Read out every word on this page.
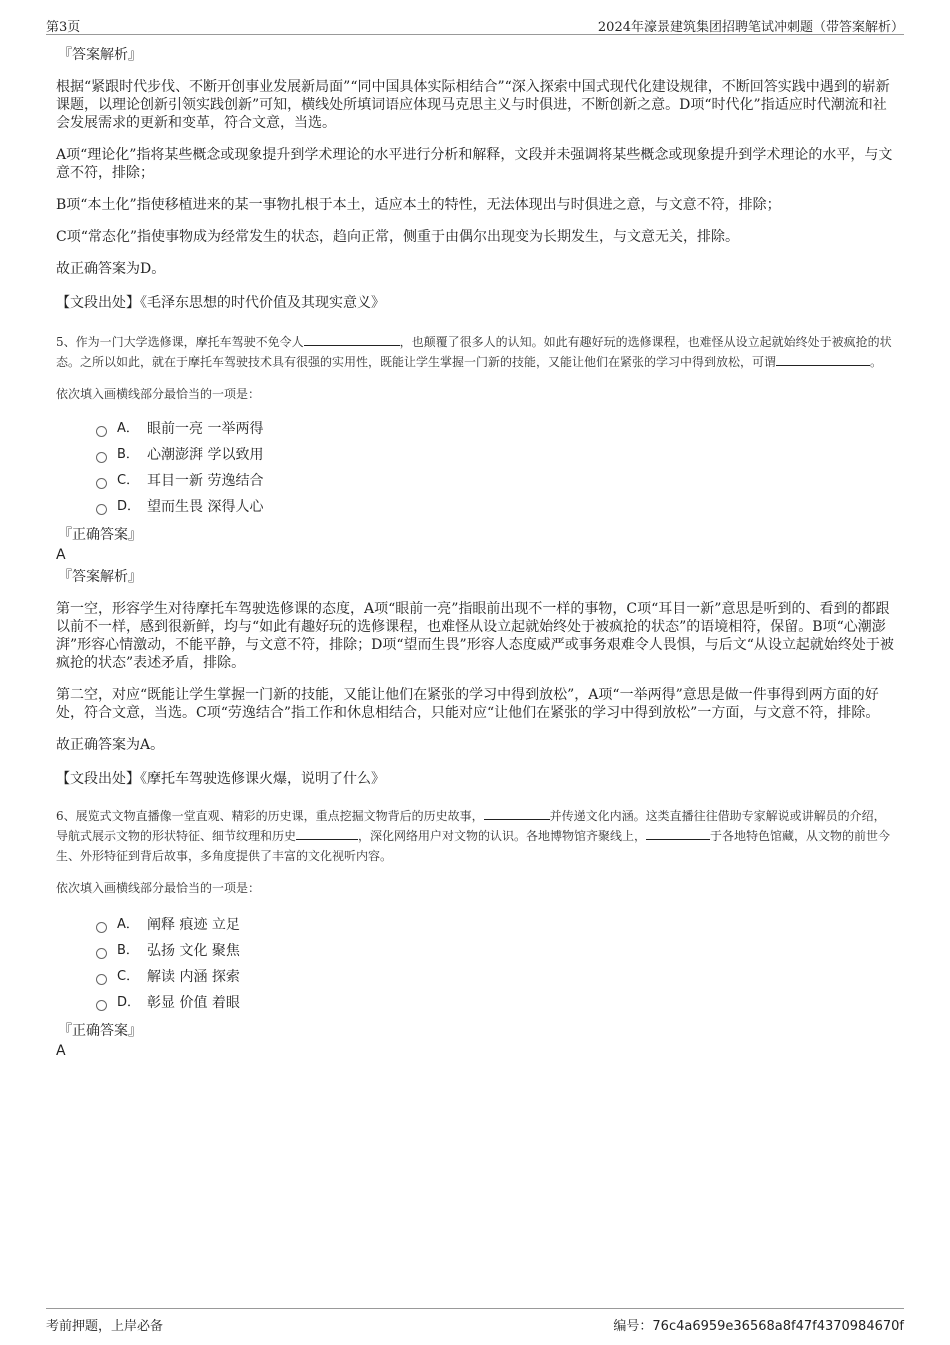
第3页	2024年濠景建筑集团招聘笔试冲刺题（带答案解析）

『答案解析』

根据“紧跟时代步伐、不断开创事业发展新局面”“同中国具体实际相结合”“深入探索中国式现代化建设规律，不断回答实践中遇到的崭新课题，以理论创新引领实践创新”可知，横线处所填词语应体现马克思主义与时俱进，不断创新之意。D项“时代化”指适应时代潮流和社会发展需求的更新和变革，符合文意，当选。

A项“理论化”指将某些概念或现象提升到学术理论的水平进行分析和解释，文段并未强调将某些概念或现象提升到学术理论的水平，与文意不符，排除；

B项“本土化”指使移植进来的某一事物扎根于本土，适应本土的特性，无法体现出与时俱进之意，与文意不符，排除；

C项“常态化”指使事物成为经常发生的状态，趋向正常，侧重于由偶尔出现变为长期发生，与文意无关，排除。

故正确答案为D。

【文段出处】《毛泽东思想的时代价值及其现实意义》

5、作为一门大学选修课，摩托车驾驶不免令人	，也颠覆了很多人的认知。如此有趣好玩的选修课程，也难怪从设立起就始终处于被疯抢的状态。之所以如此，就在于摩托车驾驶技术具有很强的实用性，既能让学生掌握一门新的技能，又能让他们在紧张的学习中得到放松，可谓	。

依次填入画横线部分最恰当的一项是：

A． 眼前一亮 一举两得
B． 心潮澎湃 学以致用
C． 耳目一新 劳逸结合
D． 望而生畏 深得人心

『正确答案』

A

『答案解析』

第一空，形容学生对待摩托车驾驶选修课的态度，A项“眼前一亮”指眼前出现不一样的事物，C项“耳目一新”意思是听到的、看到的都跟以前不一样，感到很新鲜，均与“如此有趣好玩的选修课程，也难怪从设立起就始终处于被疯抢的状态”的语境相符，保留。B项“心潮澎湃”形容心情激动，不能平静，与文意不符，排除；D项“望而生畏”形容人态度威严或事务艰难令人畏惧，与后文“从设立起就始终处于被疯抢的状态”表述矛盾，排除。

第二空，对应“既能让学生掌握一门新的技能，又能让他们在紧张的学习中得到放松”，A项“一举两得”意思是做一件事得到两方面的好处，符合文意，当选。C项“劳逸结合”指工作和休息相结合，只能对应“让他们在紧张的学习中得到放松”一方面，与文意不符，排除。

故正确答案为A。

【文段出处】《摩托车驾驶选修课火爆，说明了什么》

6、展览式文物直播像一堂直观、精彩的历史课，重点挖掘文物背后的历史故事，	并传递文化内涵。这类直播往往借助专家解说或讲解员的介绍，导航式展示文物的形状特征、细节纹理和历史	，深化网络用户对文物的认识。各地博物馆齐聚线上，	于各地特色馆藏，从文物的前世今生、外形特征到背后故事，多角度提供了丰富的文化视听内容。

依次填入画横线部分最恰当的一项是：

A． 阐释 痕迹 立足
B． 弘扬 文化 聚焦
C． 解读 内涵 探索
D． 彰显 价值 着眼

『正确答案』

A

考前押题，上岸必备	编号：76c4a6959e36568a8f47f4370984670f
